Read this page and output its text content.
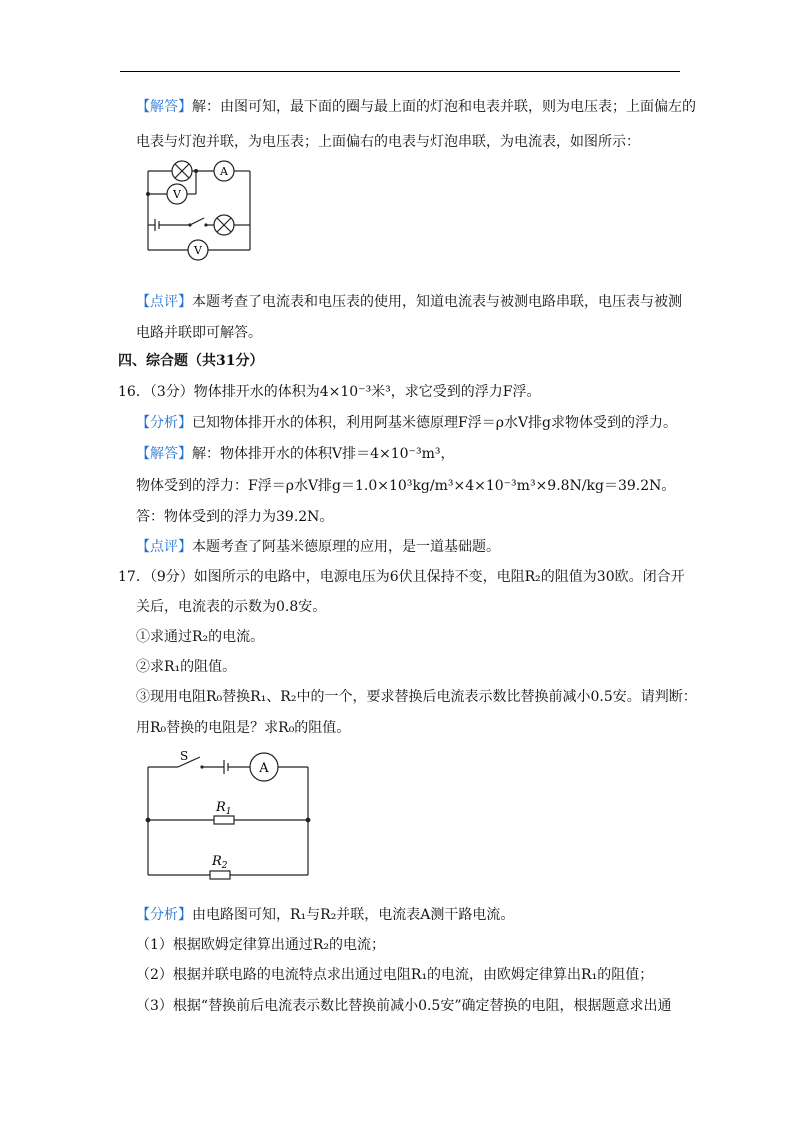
【解答】解：由图可知，最下面的圈与最上面的灯泡和电表并联，则为电压表；上面偏左的
电表与灯泡并联，为电压表；上面偏右的电表与灯泡串联，为电流表，如图所示：
A
V
V
【点评】本题考查了电流表和电压表的使用，知道电流表与被测电路串联，电压表与被测
电路并联即可解答。
四、综合题（共31分）
16．（3分）物体排开水的体积为4×10⁻³米³，求它受到的浮力F浮。
【分析】已知物体排开水的体积，利用阿基米德原理F浮＝ρ水V排g求物体受到的浮力。
【解答】解：物体排开水的体积V排＝4×10⁻³m³，
物体受到的浮力：F浮＝ρ水V排g＝1.0×10³kg/m³×4×10⁻³m³×9.8N/kg＝39.2N。
答：物体受到的浮力为39.2N。
【点评】本题考查了阿基米德原理的应用，是一道基础题。
17．（9分）如图所示的电路中，电源电压为6伏且保持不变，电阻R₂的阻值为30欧。闭合开
关后，电流表的示数为0.8安。
①求通过R₂的电流。
②求R₁的阻值。
③现用电阻R₀替换R₁、R₂中的一个，要求替换后电流表示数比替换前减小0.5安。请判断：
用R₀替换的电阻是？求R₀的阻值。
S
A
$R_1$
$R_2$
【分析】由电路图可知，R₁与R₂并联，电流表A测干路电流。
（1）根据欧姆定律算出通过R₂的电流；
（2）根据并联电路的电流特点求出通过电阻R₁的电流，由欧姆定律算出R₁的阻值；
（3）根据“替换前后电流表示数比替换前减小0.5安”确定替换的电阻，根据题意求出通
